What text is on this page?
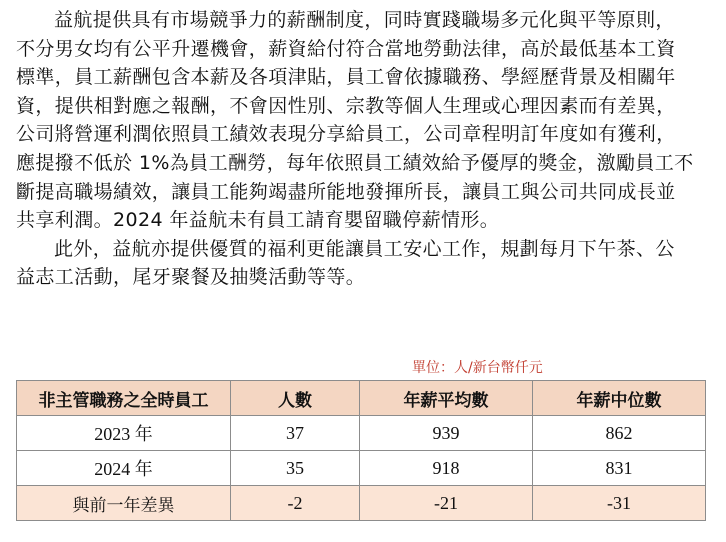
益航提供具有市場競爭力的薪酬制度，同時實踐職場多元化與平等原則，
不分男女均有公平升遷機會，薪資給付符合當地勞動法律，高於最低基本工資
標準，員工薪酬包含本薪及各項津貼，員工會依據職務、學經歷背景及相關年
資，提供相對應之報酬，不會因性別、宗教等個人生理或心理因素而有差異，
公司將營運利潤依照員工績效表現分享給員工，公司章程明訂年度如有獲利，
應提撥不低於 1%為員工酬勞，每年依照員工績效給予優厚的獎金，激勵員工不
斷提高職場績效，讓員工能夠竭盡所能地發揮所長，讓員工與公司共同成長並
共享利潤。2024 年益航未有員工請育嬰留職停薪情形。
此外，益航亦提供優質的福利更能讓員工安心工作，規劃每月下午茶、公
益志工活動，尾牙聚餐及抽獎活動等等。
單位：人/新台幣仟元
非主管職務之全時員工	人數	年薪平均數	年薪中位數
2023 年	37	939	862
2024 年	35	918	831
與前一年差異	-2	-21	-31
